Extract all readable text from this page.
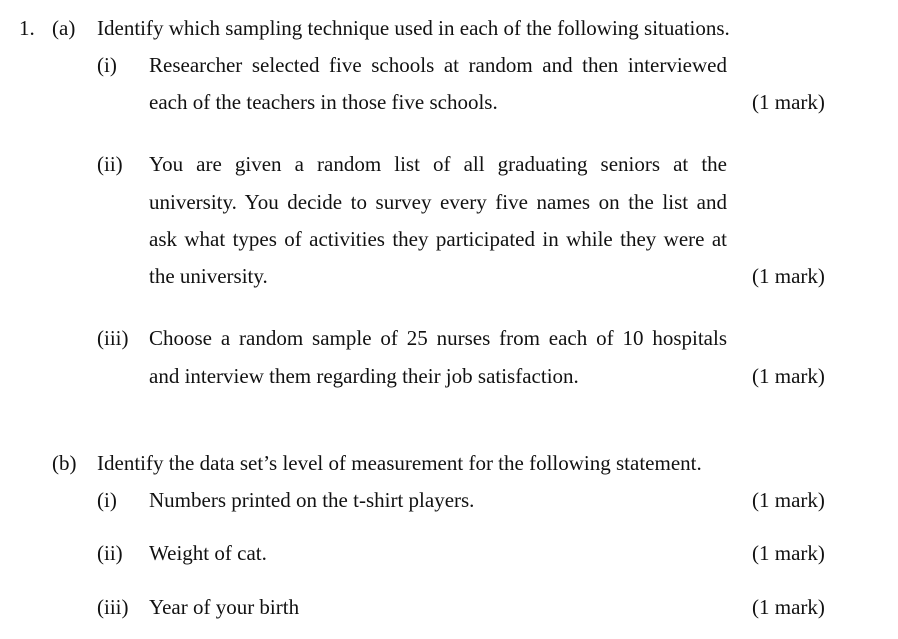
1. (a) Identify which sampling technique used in each of the following situations.
(i) Researcher selected five schools at random and then interviewed
each of the teachers in those five schools.	(1 mark)
(ii) You are given a random list of all graduating seniors at the
university. You decide to survey every five names on the list and
ask what types of activities they participated in while they were at
the university.	(1 mark)
(iii) Choose a random sample of 25 nurses from each of 10 hospitals
and interview them regarding their job satisfaction.	(1 mark)
(b) Identify the data set’s level of measurement for the following statement.
(i) Numbers printed on the t-shirt players.	(1 mark)
(ii) Weight of cat.	(1 mark)
(iii) Year of your birth	(1 mark)
